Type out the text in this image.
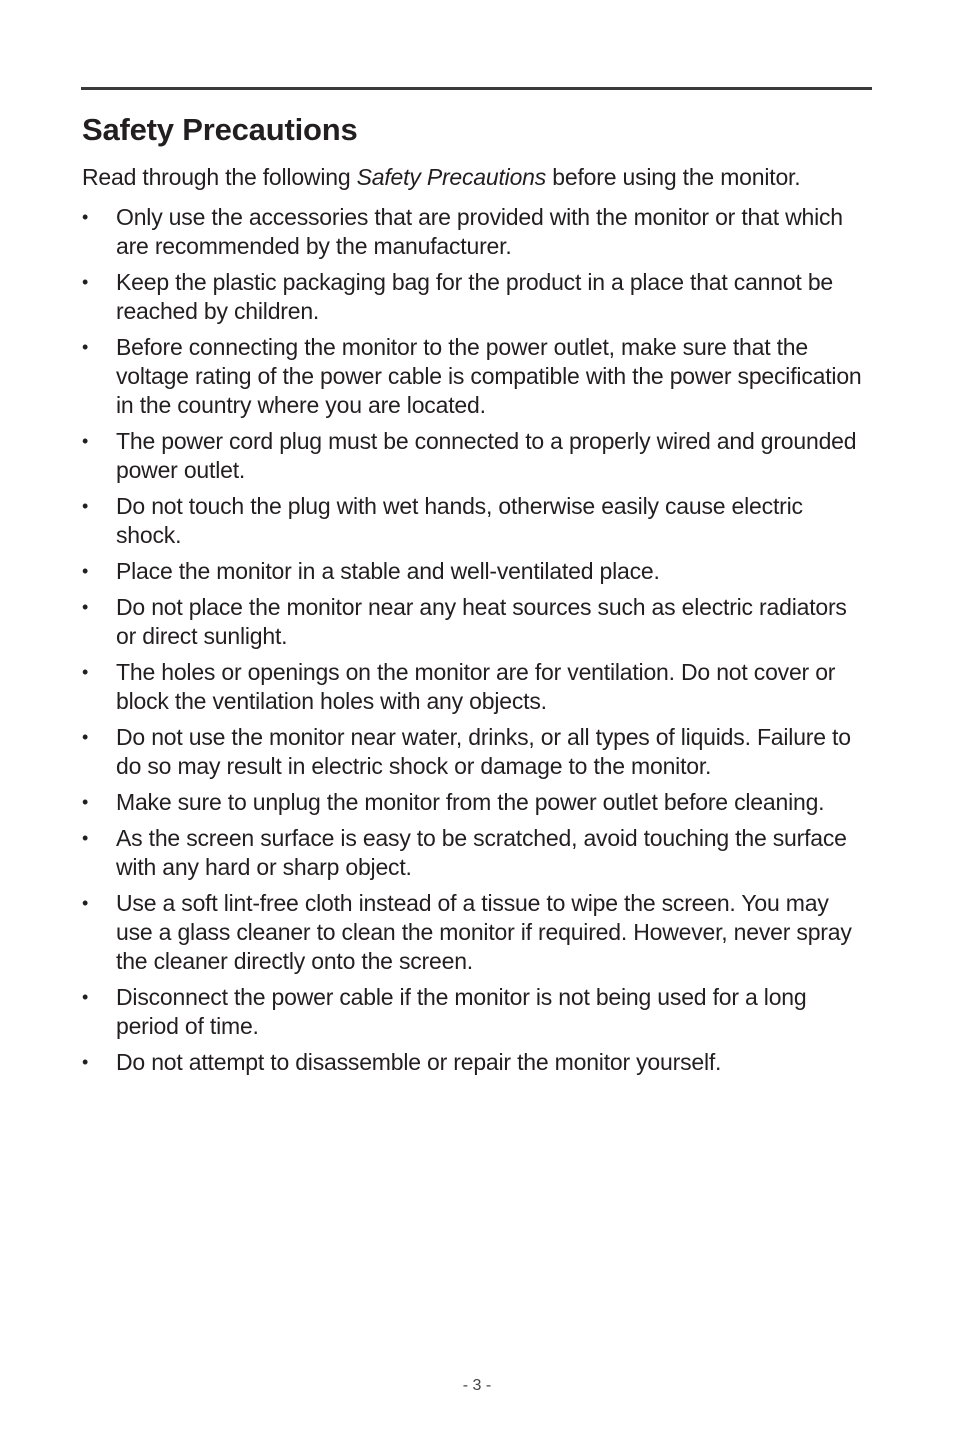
Safety Precautions

Read through the following Safety Precautions before using the monitor.

• Only use the accessories that are provided with the monitor or that which are recommended by the manufacturer.
• Keep the plastic packaging bag for the product in a place that cannot be reached by children.
• Before connecting the monitor to the power outlet, make sure that the voltage rating of the power cable is compatible with the power specification in the country where you are located.
• The power cord plug must be connected to a properly wired and grounded power outlet.
• Do not touch the plug with wet hands, otherwise easily cause electric shock.
• Place the monitor in a stable and well-ventilated place.
• Do not place the monitor near any heat sources such as electric radiators or direct sunlight.
• The holes or openings on the monitor are for ventilation. Do not cover or block the ventilation holes with any objects.
• Do not use the monitor near water, drinks, or all types of liquids. Failure to do so may result in electric shock or damage to the monitor.
• Make sure to unplug the monitor from the power outlet before cleaning.
• As the screen surface is easy to be scratched, avoid touching the surface with any hard or sharp object.
• Use a soft lint-free cloth instead of a tissue to wipe the screen. You may use a glass cleaner to clean the monitor if required. However, never spray the cleaner directly onto the screen.
• Disconnect the power cable if the monitor is not being used for a long period of time.
• Do not attempt to disassemble or repair the monitor yourself.
- 3 -
